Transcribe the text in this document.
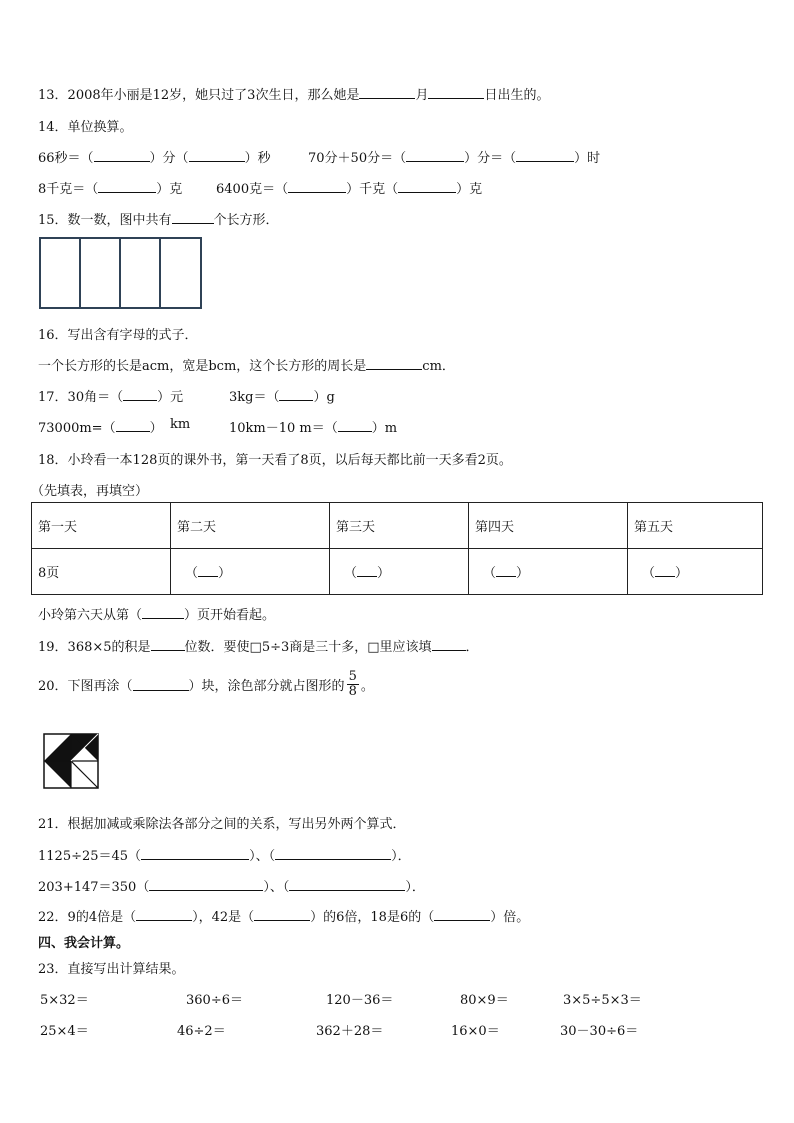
13．2008年小丽是12岁，她只过了3次生日，那么她是	月	日出生的。
14．单位换算。
66秒＝（	）分（	）秒	70分＋50分＝（	）分＝（	）时
8千克＝（	）克	6400克＝（	）千克（	）克
15．数一数，图中共有	个长方形．
16．写出含有字母的式子．
一个长方形的长是acm，宽是bcm，这个长方形的周长是	cm．
17．30角＝（	）元	3kg＝（	）g
73000m=（	） km	10km－10 m＝（	）m
18．小玲看一本128页的课外书，第一天看了8页，以后每天都比前一天多看2页。
（先填表，再填空）
第一天	第二天	第三天	第四天	第五天
8页	（ ）	（ ）	（ ）	（ ）
小玲第六天从第（	）页开始看起。
19．368×5的积是	位数．要使□5÷3商是三十多，□里应该填	．
20．下图再涂（	）块，涂色部分就占图形的 $\frac{5}{8}$ 。
21．根据加减或乘除法各部分之间的关系，写出另外两个算式．
1125÷25＝45（	）、（	）．
203+147＝350（	）、（	）．
22．9的4倍是（	），42是（	）的6倍，18是6的（	）倍。
四、我会计算。
23．直接写出计算结果。
5×32＝	360÷6＝	120－36＝	80×9＝	3×5÷5×3＝
25×4＝	46÷2＝	362＋28＝	16×0＝	30－30÷6＝
